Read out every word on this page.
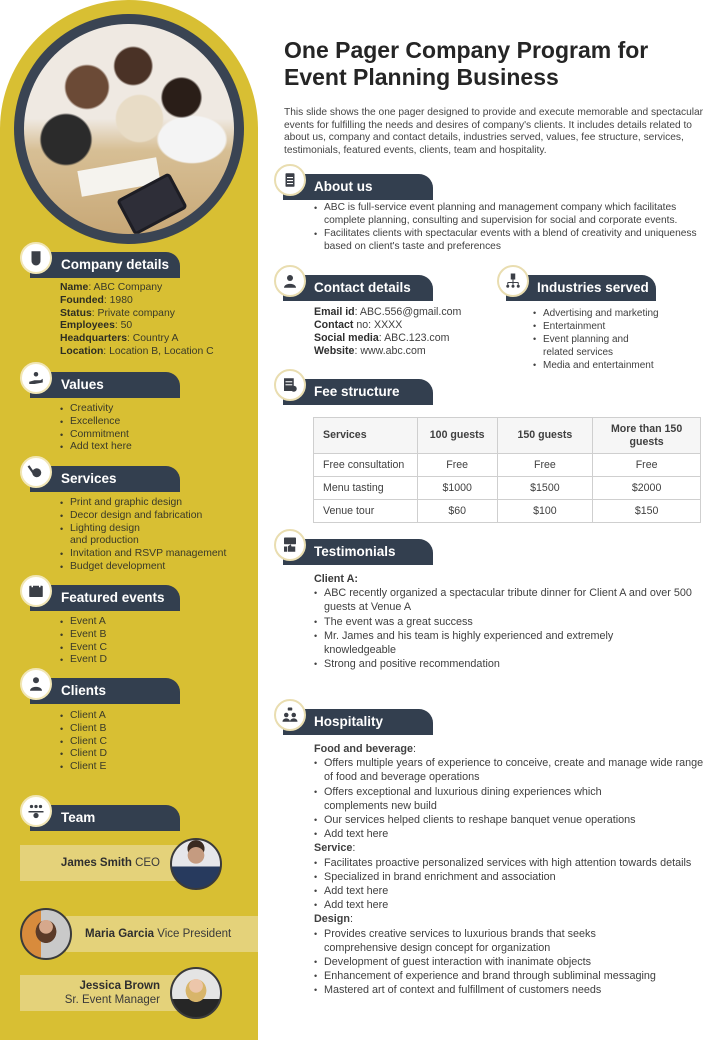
Company details
Name: ABC Company
Founded: 1980
Status: Private company
Employees: 50
Headquarters: Country A
Location: Location B, Location C
Values
• Creativity
• Excellence
• Commitment
• Add text here
Services
• Print and graphic design
• Decor design and fabrication
• Lighting design
and production
• Invitation and RSVP management
• Budget development
Featured events
• Event A
• Event B
• Event C
• Event D
Clients
• Client A
• Client B
• Client C
• Client D
• Client E
Team
James Smith CEO
Maria Garcia Vice President
Jessica Brown
Sr. Event Manager
One Pager Company Program for Event Planning Business
This slide shows the one pager designed to provide and execute memorable and spectacular events for fulfilling the needs and desires of company's clients. It includes details related to about us, company and contact details, industries served, values, fee structure, services, testimonials, featured events, clients, team and hospitality.
About us
• ABC is full-service event planning and management company which facilitates complete planning, consulting and supervision for social and corporate events.
• Facilitates clients with spectacular events with a blend of creativity and uniqueness based on client's taste and preferences
Contact details
Email id: ABC.556@gmail.com
Contact no: XXXX
Social media: ABC.123.com
Website: www.abc.com
Industries served
• Advertising and marketing
• Entertainment
• Event planning and related services
• Media and entertainment
Fee structure
Services	100 guests	150 guests	More than 150 guests
Free consultation	Free	Free	Free
Menu tasting	$1000	$1500	$2000
Venue tour	$60	$100	$150
Testimonials
Client A:
• ABC recently organized a spectacular tribute dinner for Client A and over 500 guests at Venue A
• The event was a great success
• Mr. James and his team is highly experienced and extremely knowledgeable
• Strong and positive recommendation
Hospitality
Food and beverage:
• Offers multiple years of experience to conceive, create and manage wide range of food and beverage operations
• Offers exceptional and luxurious dining experiences which complements new build
• Our services helped clients to reshape banquet venue operations
• Add text here
Service:
• Facilitates proactive personalized services with high attention towards details
• Specialized in brand enrichment and association
• Add text here
• Add text here
Design:
• Provides creative services to luxurious brands that seeks comprehensive design concept for organization
• Development of guest interaction with inanimate objects
• Enhancement of experience and brand through subliminal messaging
• Mastered art of context and fulfillment of customers needs
